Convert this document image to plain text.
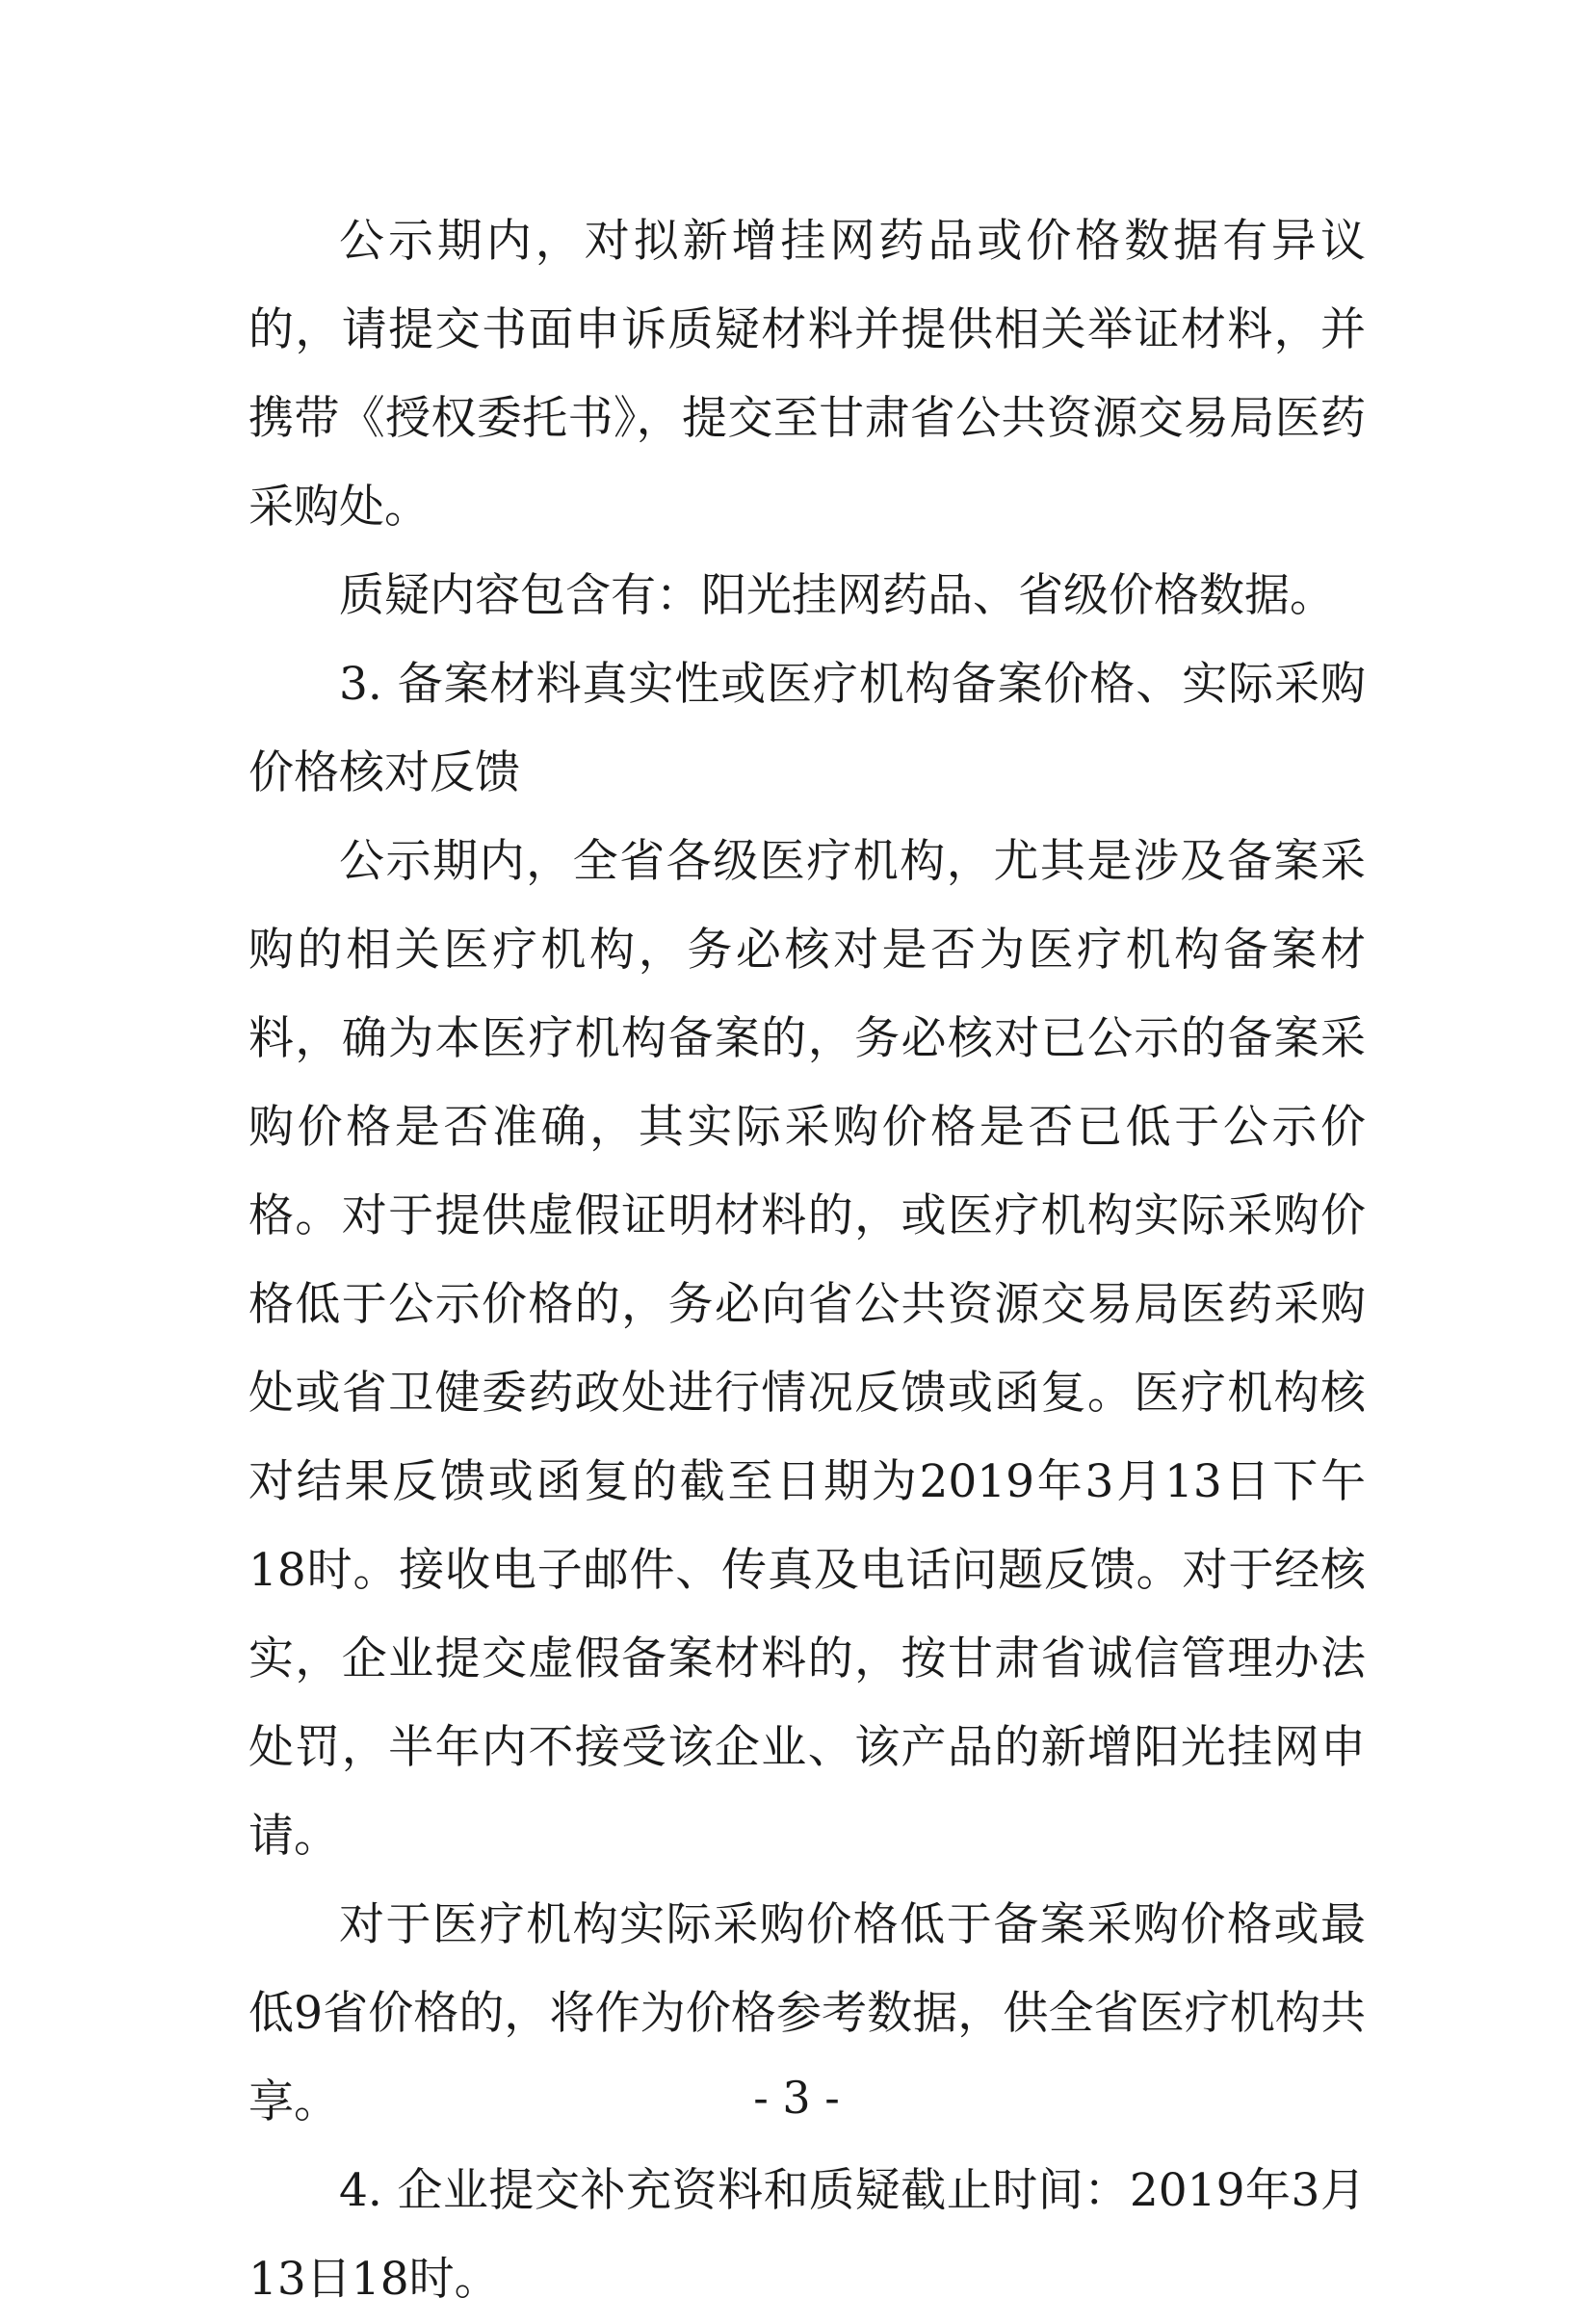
公示期内，对拟新增挂网药品或价格数据有异议的，请提交书面申诉质疑材料并提供相关举证材料，并携带《授权委托书》，提交至甘肃省公共资源交易局医药采购处。

质疑内容包含有：阳光挂网药品、省级价格数据。

3. 备案材料真实性或医疗机构备案价格、实际采购价格核对反馈

公示期内，全省各级医疗机构，尤其是涉及备案采购的相关医疗机构，务必核对是否为医疗机构备案材料，确为本医疗机构备案的，务必核对已公示的备案采购价格是否准确，其实际采购价格是否已低于公示价格。对于提供虚假证明材料的，或医疗机构实际采购价格低于公示价格的，务必向省公共资源交易局医药采购处或省卫健委药政处进行情况反馈或函复。医疗机构核对结果反馈或函复的截至日期为2019年3月13日下午18时。接收电子邮件、传真及电话问题反馈。对于经核实，企业提交虚假备案材料的，按甘肃省诚信管理办法处罚，半年内不接受该企业、该产品的新增阳光挂网申请。

对于医疗机构实际采购价格低于备案采购价格或最低9省价格的，将作为价格参考数据，供全省医疗机构共享。

4. 企业提交补充资料和质疑截止时间：2019年3月13日18时。

- 3 -
